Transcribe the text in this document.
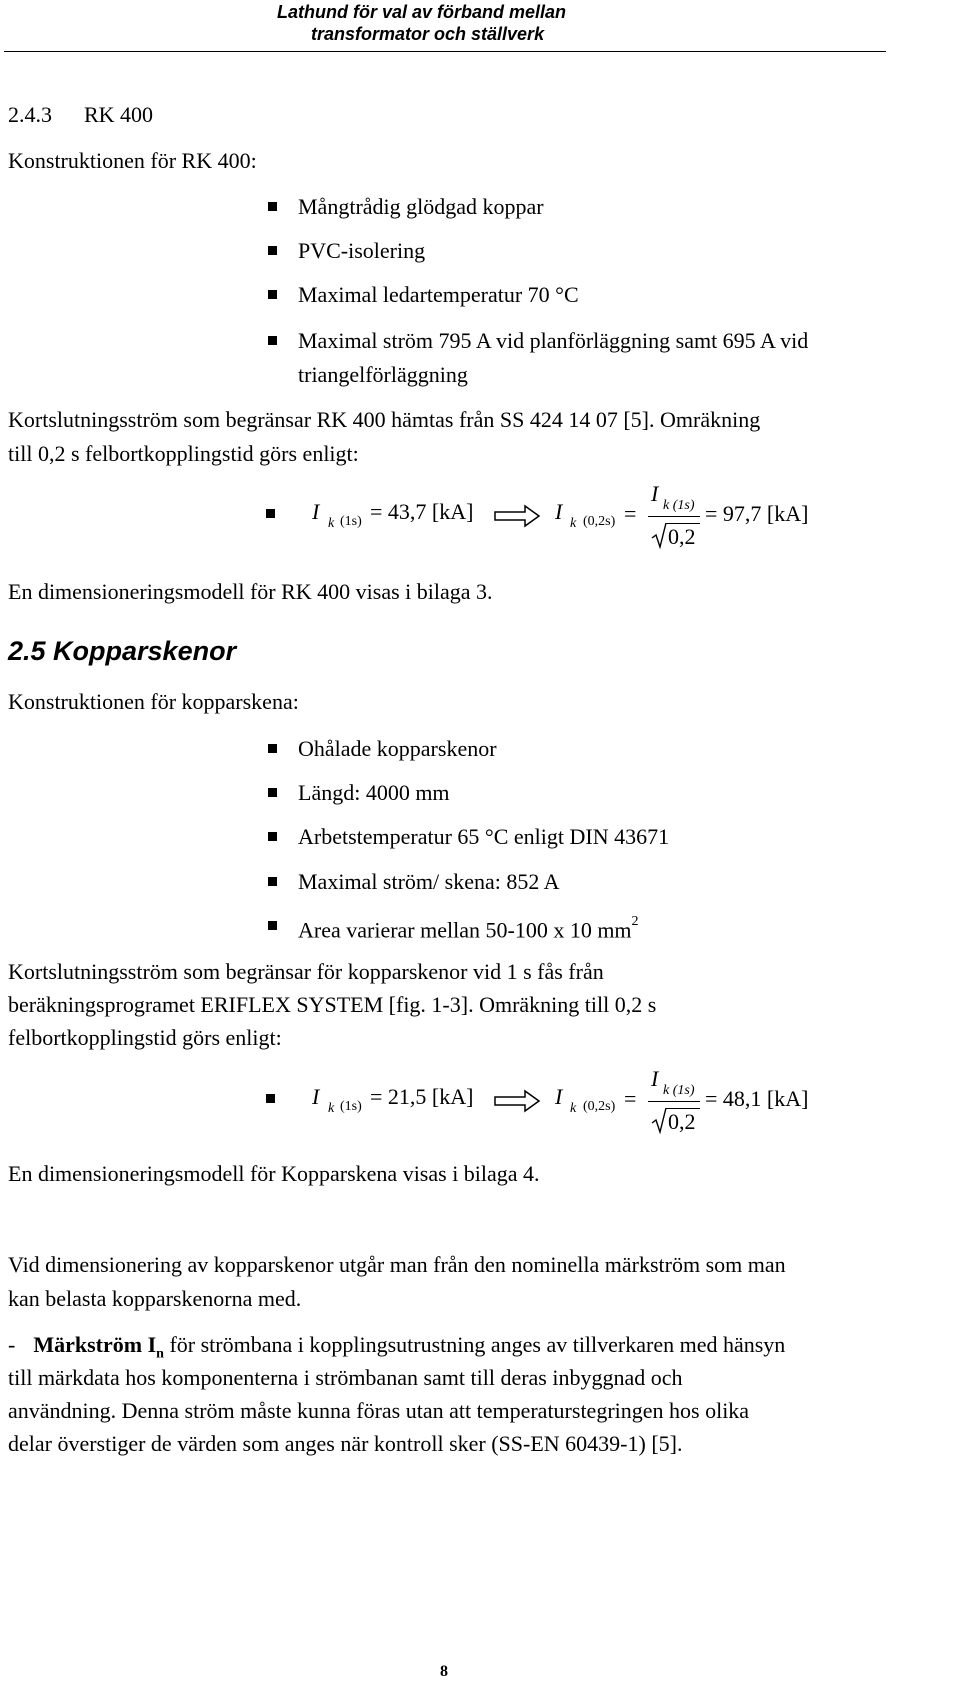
Lathund för val av förband mellan
transformator och ställverk
2.4.3 RK 400
Konstruktionen för RK 400:
Mångtrådig glödgad koppar
PVC-isolering
Maximal ledartemperatur 70 °C
Maximal ström 795 A vid planförläggning samt 695 A vid
triangelförläggning
Kortslutningsström som begränsar RK 400 hämtas från SS 424 14 07 [5]. Omräkning
till 0,2 s felbortkopplingstid görs enligt:
I k (1s) = 43,7 [kA]	I k (0,2s) =
I k (1s)
0,2
= 97,7 [kA]
En dimensioneringsmodell för RK 400 visas i bilaga 3.
2.5 Kopparskenor
Konstruktionen för kopparskena:
Ohålade kopparskenor
Längd: 4000 mm
Arbetstemperatur 65 °C enligt DIN 43671
Maximal ström/ skena: 852 A
Area varierar mellan 50-100 x 10 $mm^2$
Kortslutningsström som begränsar för kopparskenor vid 1 s fås från
beräkningsprogramet ERIFLEX SYSTEM [fig. 1-3]. Omräkning till 0,2 s
felbortkopplingstid görs enligt:
I k (1s) = 21,5 [kA]	I k (0,2s) =
I k (1s)
0,2
= 48,1 [kA]
En dimensioneringsmodell för Kopparskena visas i bilaga 4.
Vid dimensionering av kopparskenor utgår man från den nominella märkström som man
kan belasta kopparskenorna med.
- Märkström $I_n$ för strömbana i kopplingsutrustning anges av tillverkaren med hänsyn
till märkdata hos komponenterna i strömbanan samt till deras inbyggnad och
användning. Denna ström måste kunna föras utan att temperaturstegringen hos olika
delar överstiger de värden som anges när kontroll sker (SS-EN 60439-1) [5].
8
